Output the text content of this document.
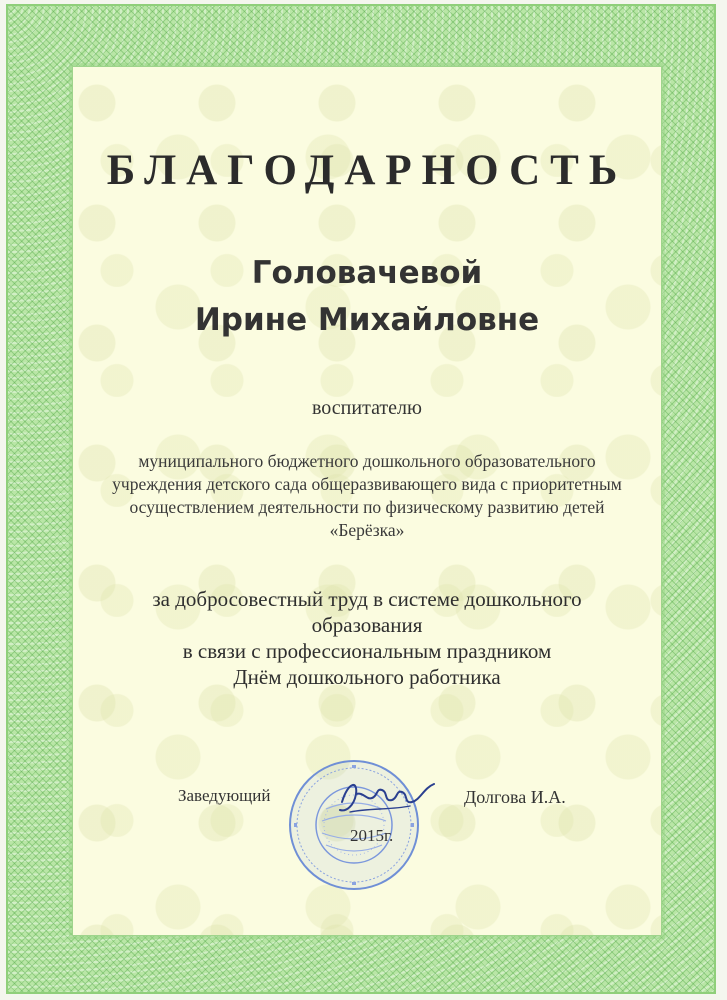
БЛАГОДАРНОСТЬ
Головачевой
Ирине Михайловне
воспитателю
муниципального бюджетного дошкольного образовательного
учреждения детского сада общеразвивающего вида с приоритетным
осуществлением деятельности по физическому развитию детей
«Берёзка»
за добросовестный труд в системе дошкольного
образования
в связи с профессиональным праздником
Днём дошкольного работника
Заведующий	Долгова И.А.
2015г.
